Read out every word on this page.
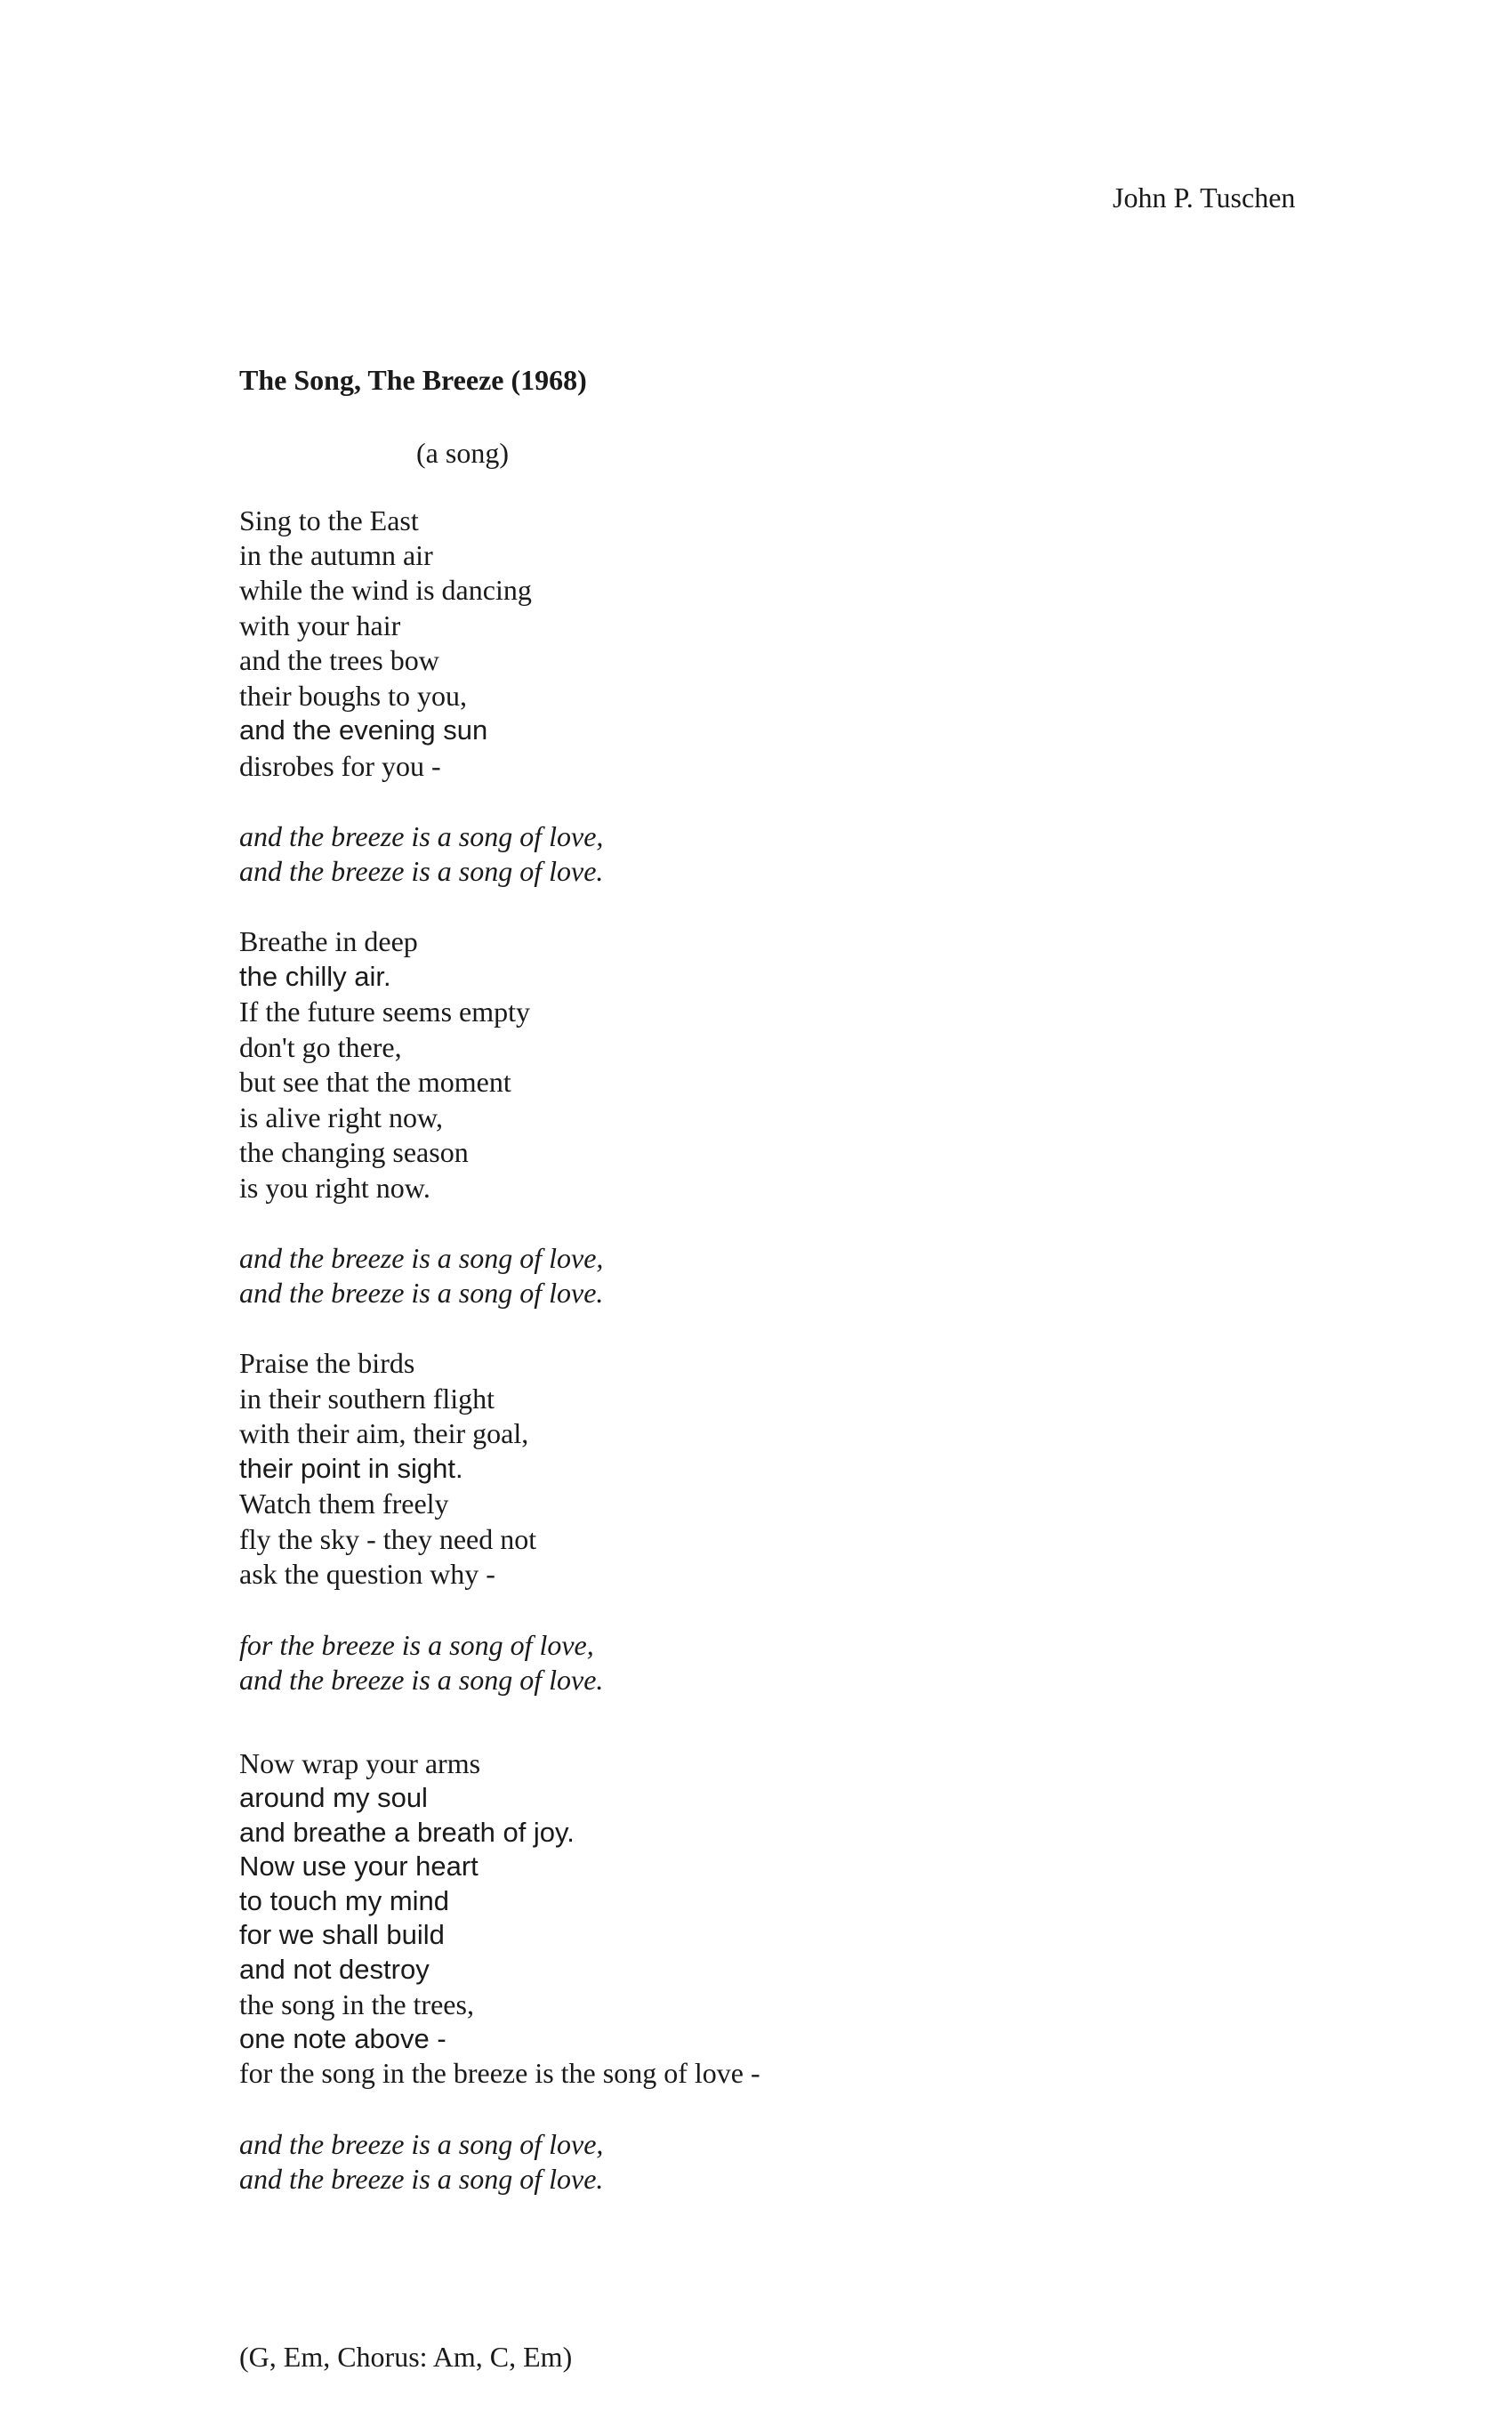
John P. Tuschen
The Song, The Breeze (1968)
(a song)
Sing to the East
in the autumn air
while the wind is dancing
with your hair
and the trees bow
their boughs to you,
and the evening sun
disrobes for you -
and the breeze is a song of love,
and the breeze is a song of love.
Breathe in deep
the chilly air.
If the future seems empty
don't go there,
but see that the moment
is alive right now,
the changing season
is you right now.
and the breeze is a song of love,
and the breeze is a song of love.
Praise the birds
in their southern flight
with their aim, their goal,
their point in sight.
Watch them freely
fly the sky - they need not
ask the question why -
for the breeze is a song of love,
and the breeze is a song of love.
Now wrap your arms
around my soul
and breathe a breath of joy.
Now use your heart
to touch my mind
for we shall build
and not destroy
the song in the trees,
one note above -
for the song in the breeze is the song of love -
and the breeze is a song of love,
and the breeze is a song of love.
(G, Em, Chorus: Am, C, Em)
